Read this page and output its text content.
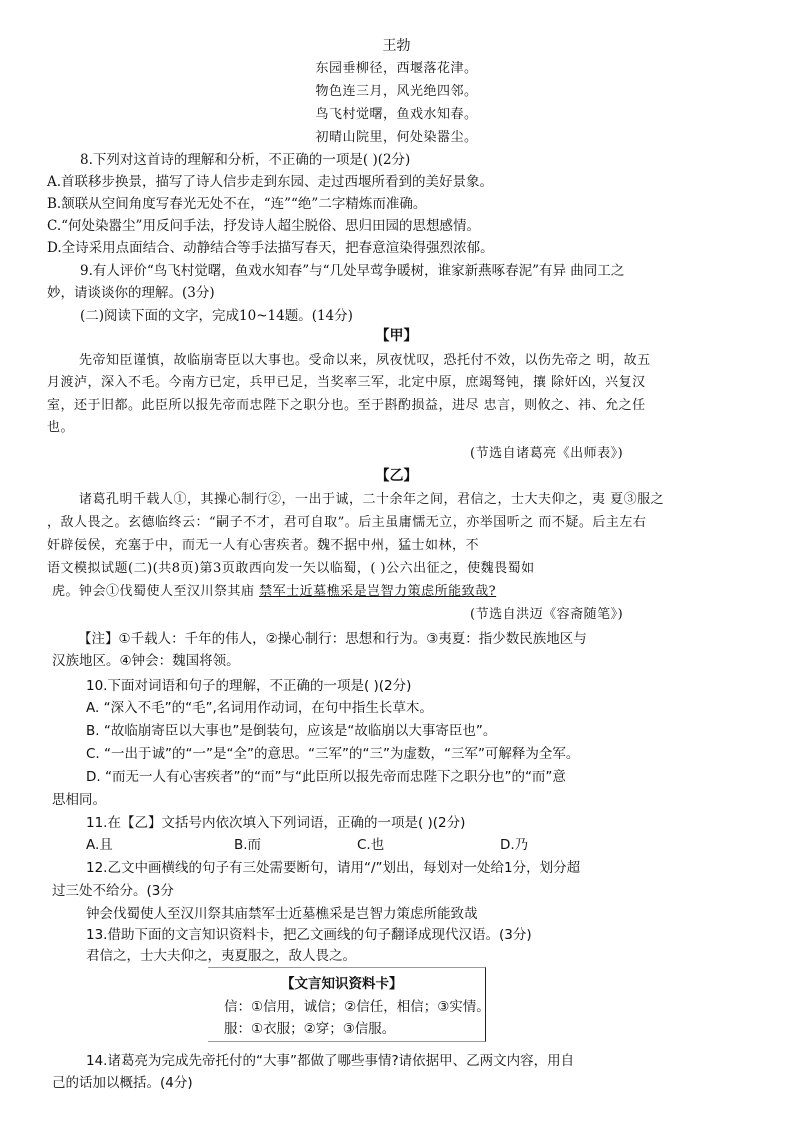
王勃
东园垂柳径，西堰落花津。
物色连三月，风光绝四邻。
鸟飞村觉曙，鱼戏水知春。
初晴山院里，何处染嚣尘。
8.下列对这首诗的理解和分析，不正确的一项是( )(2分)
A.首联移步换景，描写了诗人信步走到东园、走过西堰所看到的美好景象。
B.颔联从空间角度写春光无处不在，“连”“绝”二字精炼而准确。
C.“何处染嚣尘”用反问手法，抒发诗人超尘脱俗、思归田园的思想感情。
D.全诗采用点面结合、动静结合等手法描写春天，把春意渲染得强烈浓郁。
9.有人评价“鸟飞村觉曙，鱼戏水知春”与“几处早莺争暖树，谁家新燕啄春泥”有异 曲同工之
妙，请谈谈你的理解。(3分)
(二)阅读下面的文字，完成10~14题。(14分)
【甲】
先帝知臣谨慎，故临崩寄臣以大事也。受命以来，夙夜忧叹，恐托付不效，以伤先帝之 明，故五
月渡泸，深入不毛。今南方已定，兵甲已足，当奖率三军，北定中原，庶竭驽钝，攘 除奸凶，兴复汉
室，还于旧都。此臣所以报先帝而忠陛下之职分也。至于斟酌损益，进尽 忠言，则攸之、祎、允之任
也。
(节选自诸葛亮《出师表》)
【乙】
诸葛孔明千载人①，其操心制行②，一出于诚，二十余年之间，君信之，士大夫仰之，夷 夏③服之
，敌人畏之。玄德临终云：“嗣子不才，君可自取”。后主虽庸懦无立，亦举国听之 而不疑。后主左右
奸辟佞侯，充塞于中，而无一人有心害疾者。魏不据中州，猛士如林，不
语文模拟试题(二)(共8页)第3页敢西向发一矢以临蜀，( )公六出征之，使魏畏蜀如
虎。钟会①伐蜀使人至汉川祭其庙 禁军士近墓樵采是岂智力策虑所能致哉?
(节选自洪迈《容斋随笔》)
【注】①千载人：千年的伟人，②操心制行：思想和行为。③夷夏：指少数民族地区与
汉族地区。④钟会：魏国将领。
10.下面对词语和句子的理解，不正确的一项是( )(2分)
A. “深入不毛”的“毛”,名词用作动词，在句中指生长草木。
B. “故临崩寄臣以大事也”是倒装句，应该是“故临崩以大事寄臣也”。
C. “一出于诚”的“一”是“全”的意思。“三军”的“三”为虚数，“三军”可解释为全军。
D. “而无一人有心害疾者”的“而”与“此臣所以报先帝而忠陛下之职分也”的“而”意
思相同。
11.在【乙】文括号内依次填入下列词语，正确的一项是( )(2分)
A.且	B.而	C.也	D.乃
12.乙文中画横线的句子有三处需要断句，请用“/”划出，每划对一处给1分，划分超
过三处不给分。(3分
钟会伐蜀使人至汉川祭其庙禁军士近墓樵采是岂智力策虑所能致哉
13.借助下面的文言知识资料卡，把乙文画线的句子翻译成现代汉语。(3分)
君信之，士大夫仰之，夷夏服之，敌人畏之。
【文言知识资料卡】
信：①信用，诚信；②信任，相信；③实情。
服：①衣服；②穿；③信服。
14.诸葛亮为完成先帝托付的“大事”都做了哪些事情?请依据甲、乙两文内容，用自
己的话加以概括。(4分)
